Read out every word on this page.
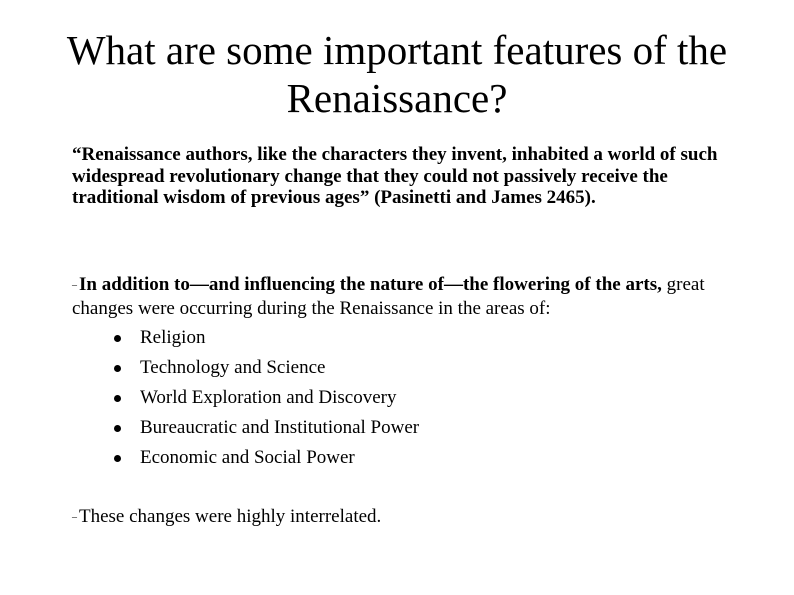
What are some important features of the Renaissance?
“Renaissance authors, like the characters they invent, inhabited a world of such widespread revolutionary change that they could not passively receive the traditional wisdom of previous ages” (Pasinetti and James 2465).
– In addition to—and influencing the nature of—the flowering of the arts, great changes were occurring during the Renaissance in the areas of:
Religion
Technology and Science
World Exploration and Discovery
Bureaucratic and Institutional Power
Economic and Social Power
– These changes were highly interrelated.
